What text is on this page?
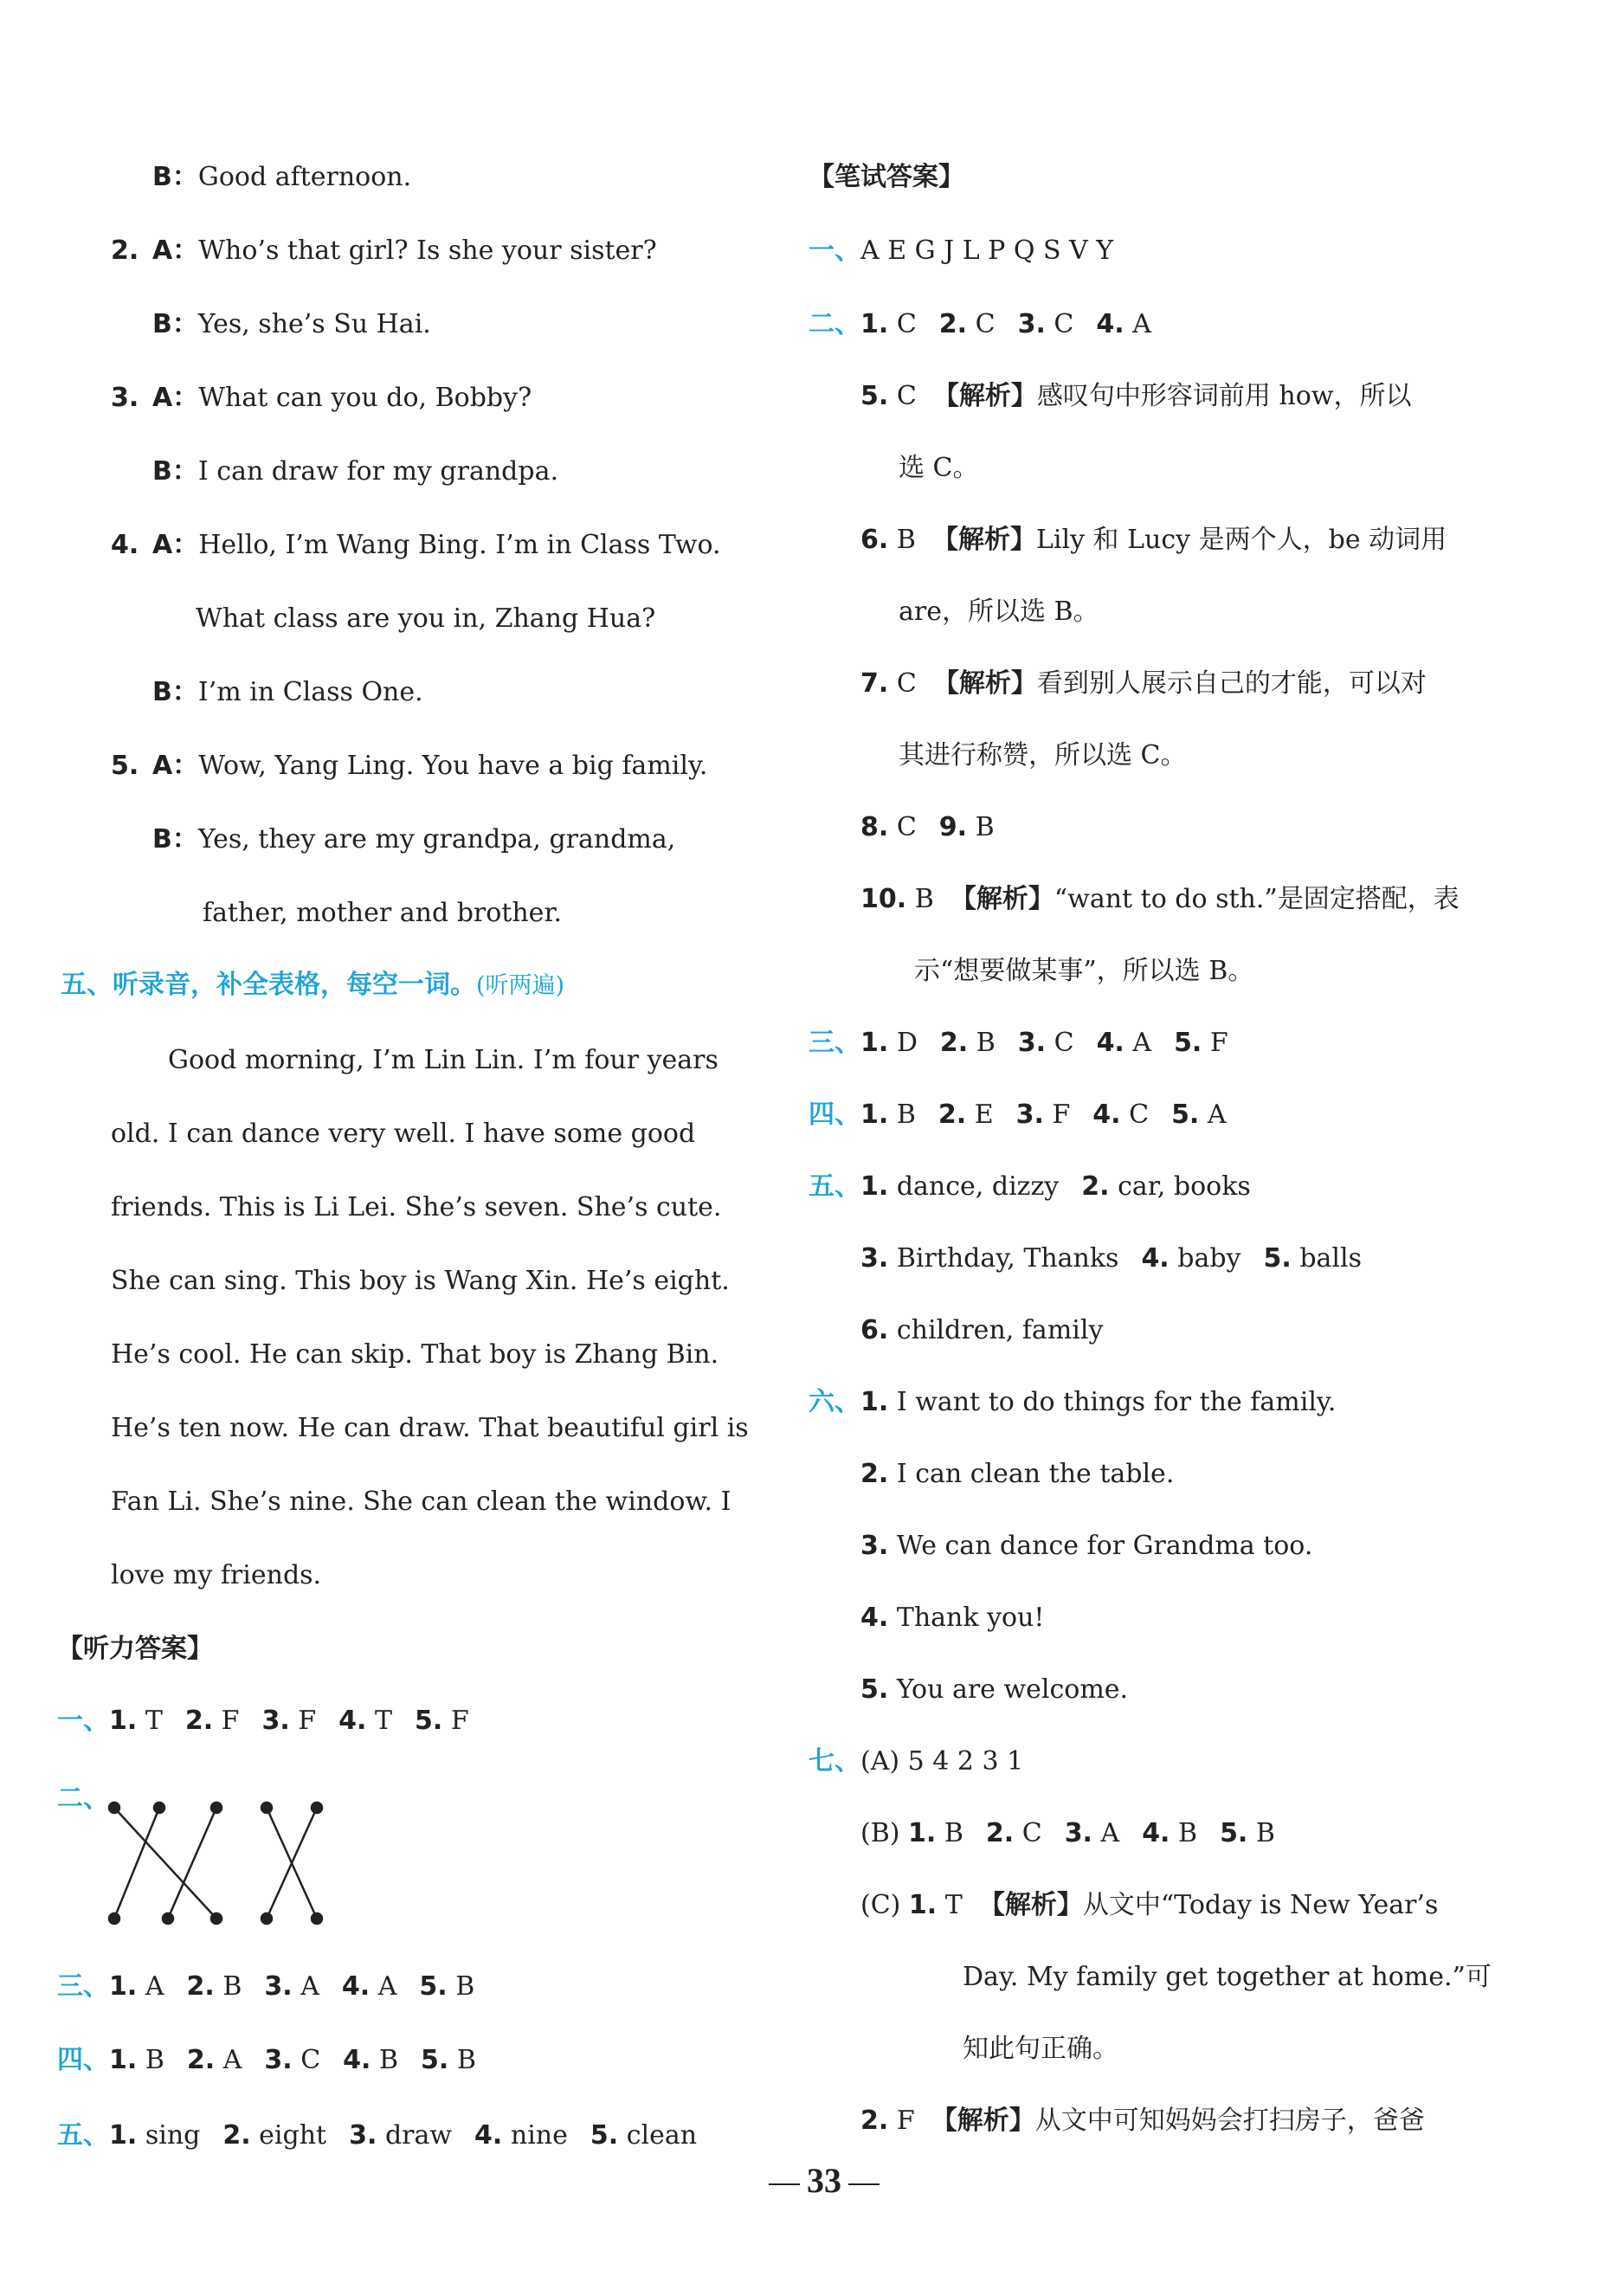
B：Good afternoon.
2. A：Who’s that girl? Is she your sister?
B：Yes, she’s Su Hai.
3. A：What can you do, Bobby?
B：I can draw for my grandpa.
4. A：Hello, I’m Wang Bing. I’m in Class Two.
What class are you in, Zhang Hua?
B：I’m in Class One.
5. A：Wow, Yang Ling. You have a big family.
B：Yes, they are my grandpa, grandma,
father, mother and brother.
五、听录音，补全表格，每空一词。(听两遍)
Good morning, I’m Lin Lin. I’m four years
old. I can dance very well. I have some good
friends. This is Li Lei. She’s seven. She’s cute.
She can sing. This boy is Wang Xin. He’s eight.
He’s cool. He can skip. That boy is Zhang Bin.
He’s ten now. He can draw. That beautiful girl is
Fan Li. She’s nine. She can clean the window. I
love my friends.
【听力答案】
一、1. T 2. F 3. F 4. T 5. F
二、
三、1. A 2. B 3. A 4. A 5. B
四、1. B 2. A 3. C 4. B 5. B
五、1. sing 2. eight 3. draw 4. nine 5. clean
【笔试答案】
一、A E G J L P Q S V Y
二、1. C 2. C 3. C 4. A
5. C 【解析】感叹句中形容词前用 how，所以
选 C。
6. B 【解析】Lily 和 Lucy 是两个人，be 动词用
are，所以选 B。
7. C 【解析】看到别人展示自己的才能，可以对
其进行称赞，所以选 C。
8. C 9. B
10. B 【解析】“want to do sth.”是固定搭配，表
示“想要做某事”，所以选 B。
三、1. D 2. B 3. C 4. A 5. F
四、1. B 2. E 3. F 4. C 5. A
五、1. dance, dizzy 2. car, books
3. Birthday, Thanks 4. baby 5. balls
6. children, family
六、1. I want to do things for the family.
2. I can clean the table.
3. We can dance for Grandma too.
4. Thank you!
5. You are welcome.
七、(A) 5 4 2 3 1
(B) 1. B 2. C 3. A 4. B 5. B
(C) 1. T 【解析】从文中“Today is New Year’s
Day. My family get together at home.”可
知此句正确。
2. F 【解析】从文中可知妈妈会打扫房子，爸爸
33
